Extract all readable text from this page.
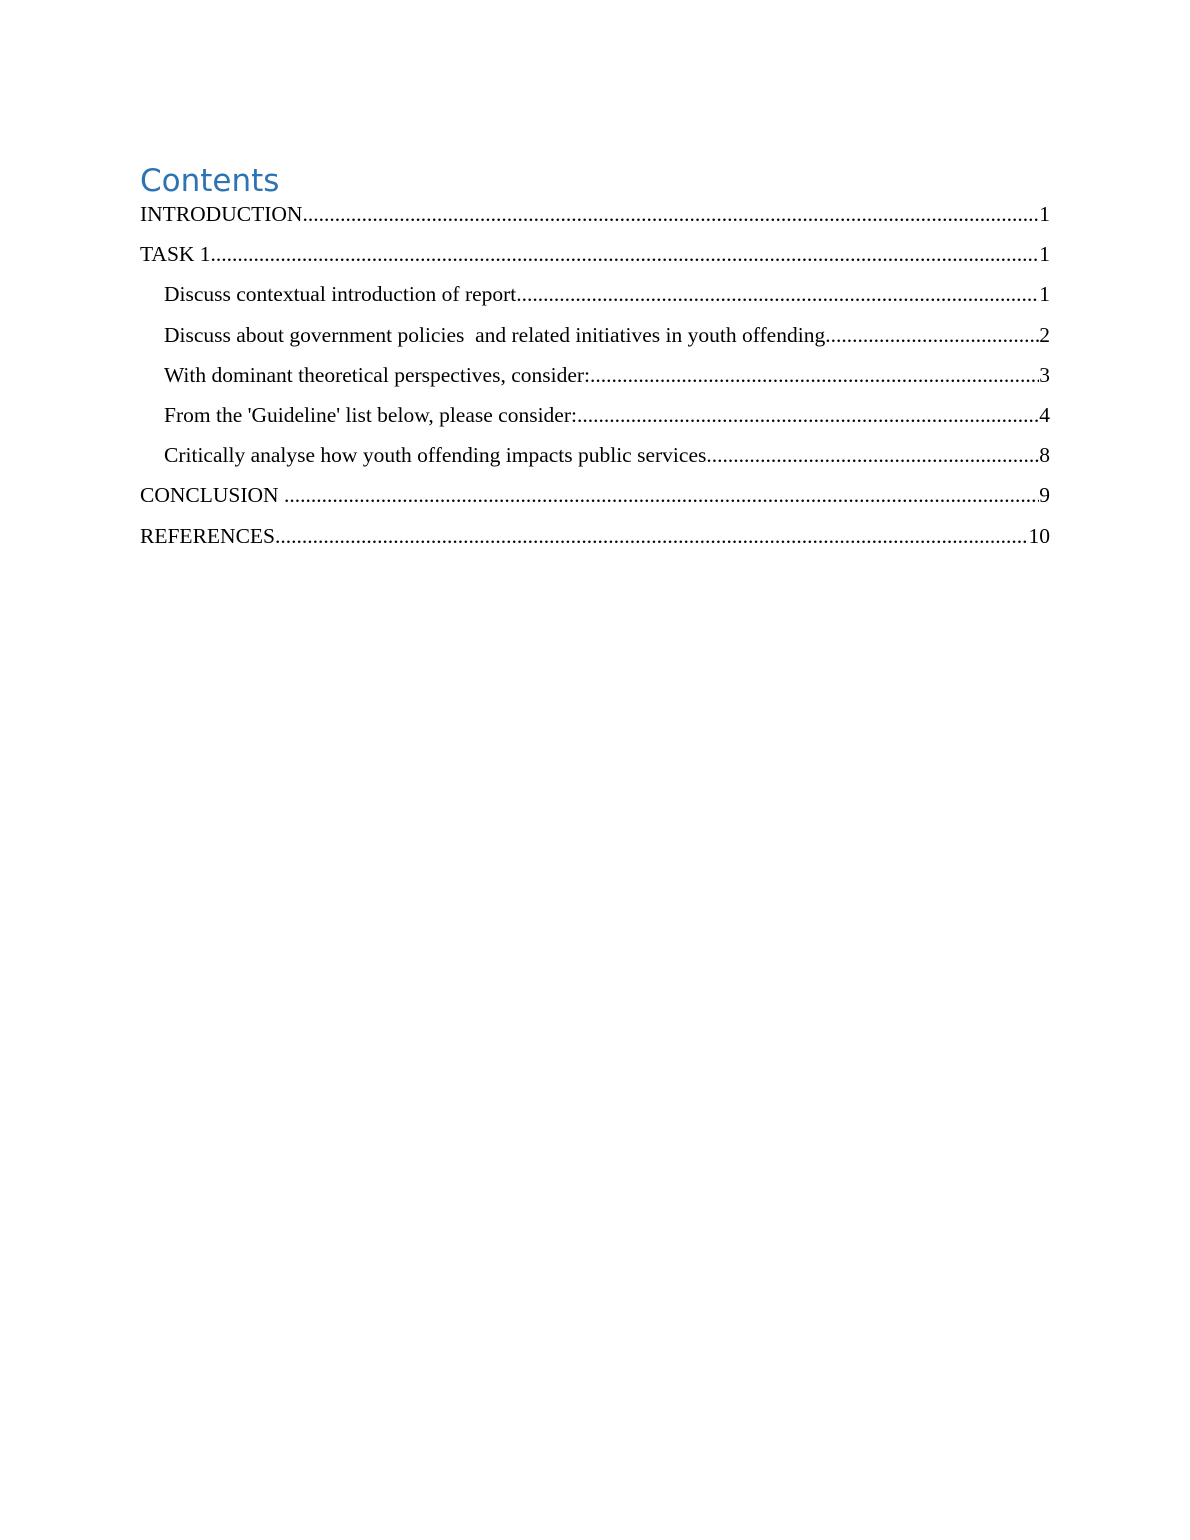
Contents
INTRODUCTION .....	1
TASK 1 .....	1
Discuss contextual introduction of report .....	1
Discuss about government policies  and related initiatives in youth offending .....	2
With dominant theoretical perspectives, consider: .....	3
From the 'Guideline' list below, please consider: .....	4
Critically analyse how youth offending impacts public services .....	8
CONCLUSION .....	9
REFERENCES .....	10
